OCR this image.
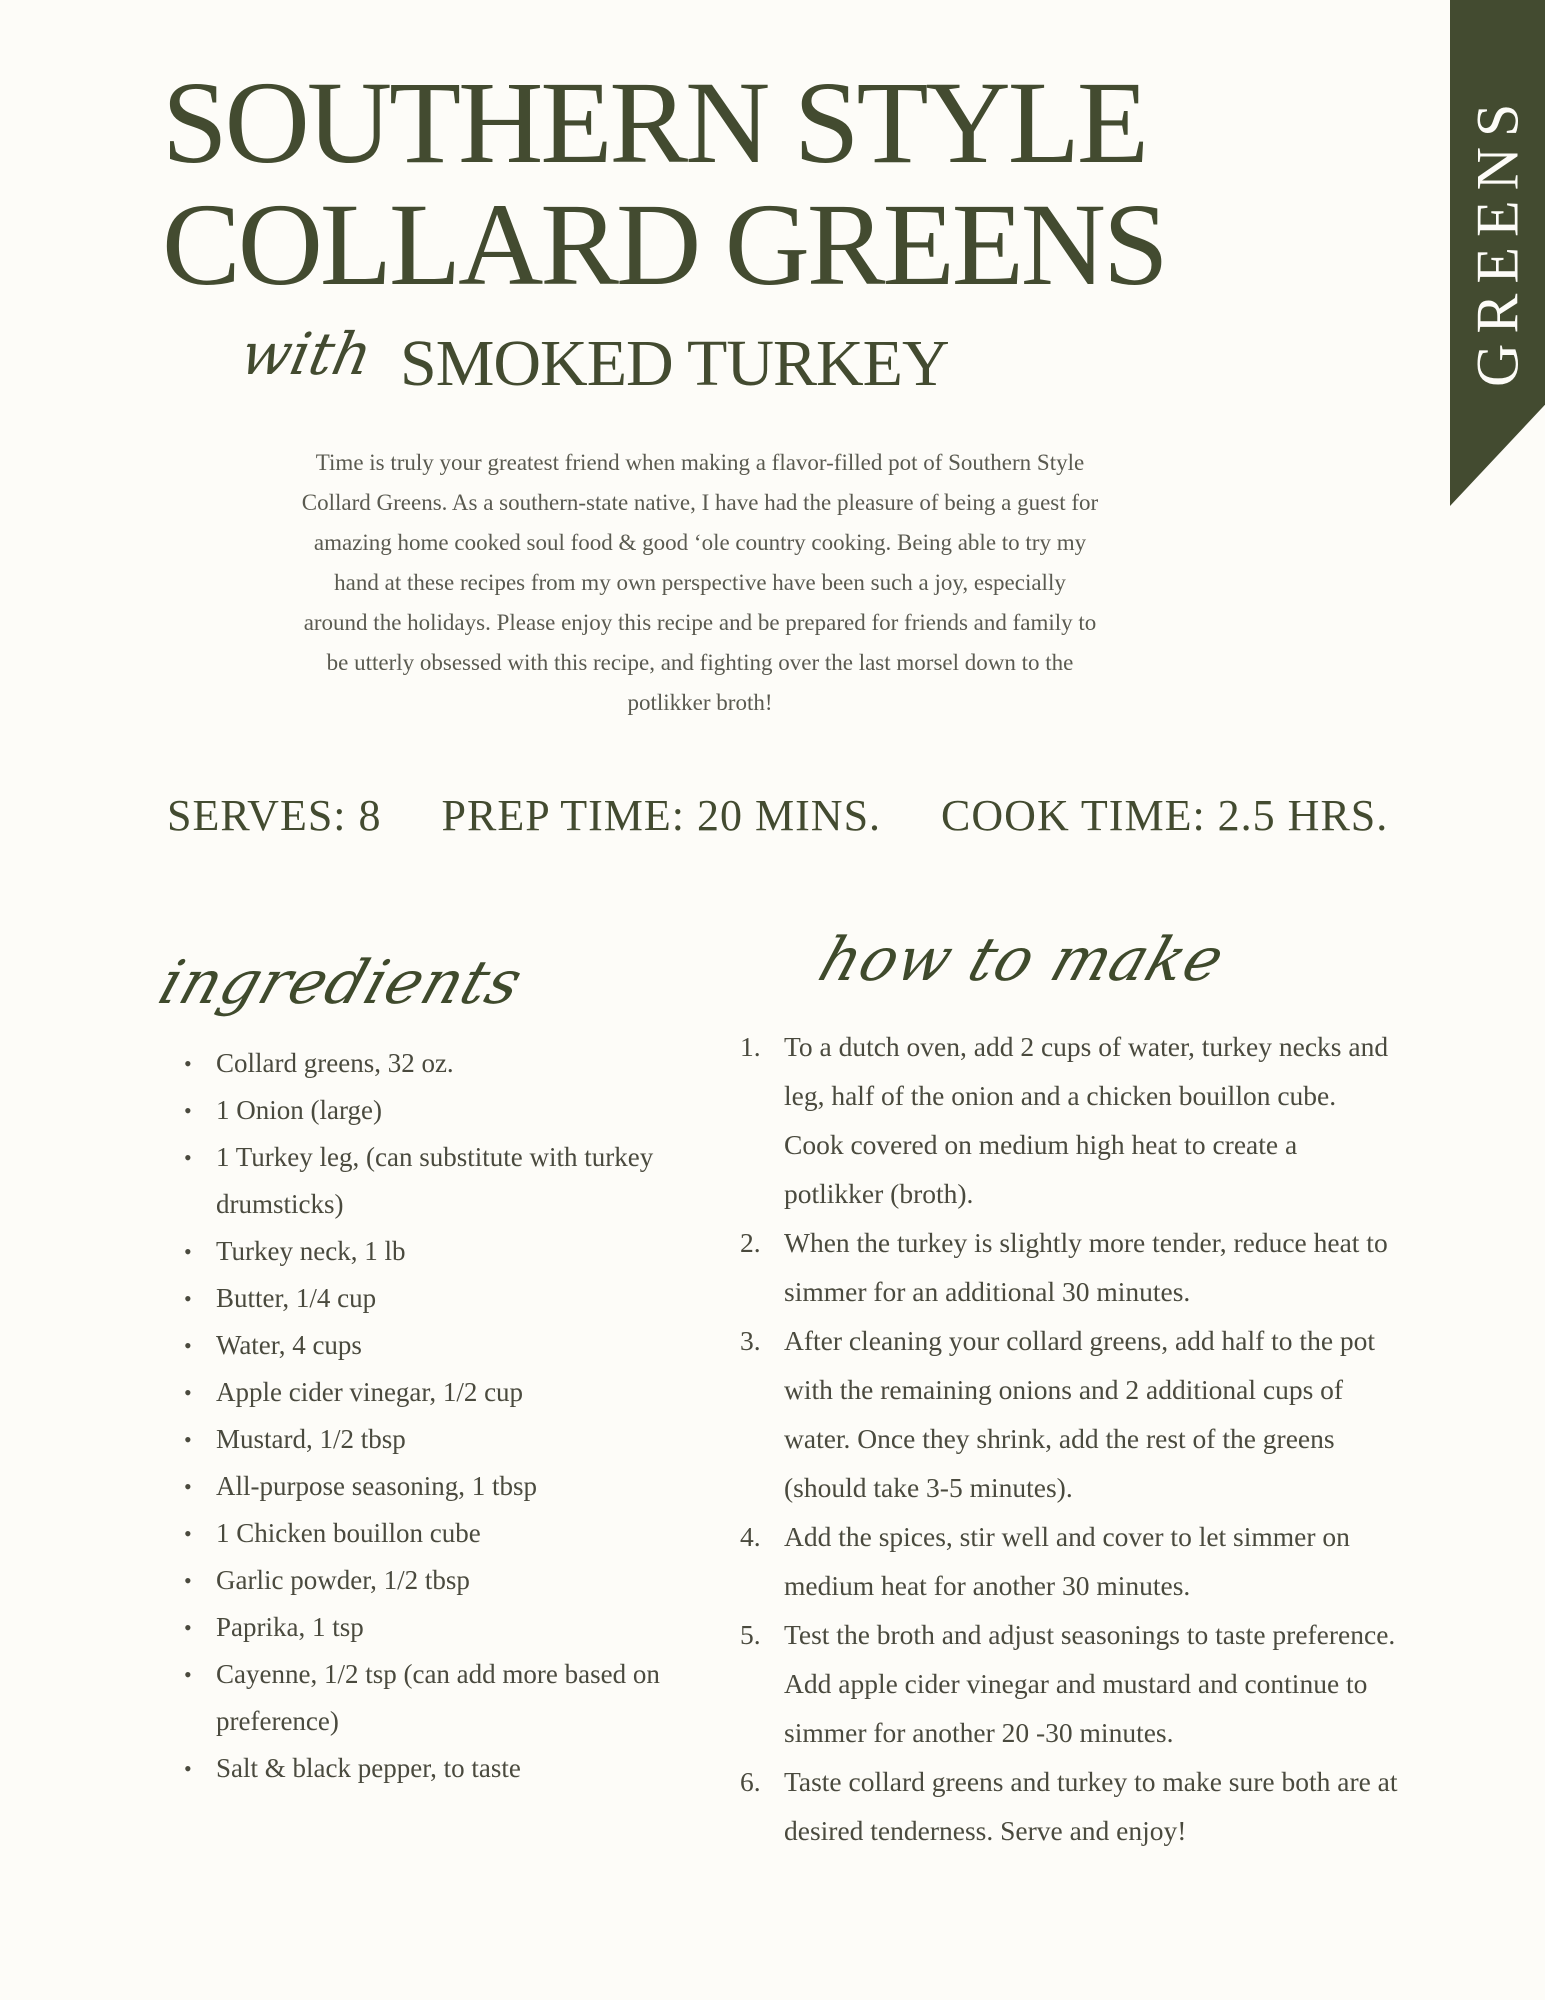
GREENS
SOUTHERN STYLE
COLLARD GREENS
with SMOKED TURKEY

Time is truly your greatest friend when making a flavor-filled pot of Southern Style Collard Greens. As a southern-state native, I have had the pleasure of being a guest for amazing home cooked soul food & good ‘ole country cooking. Being able to try my hand at these recipes from my own perspective have been such a joy, especially around the holidays. Please enjoy this recipe and be prepared for friends and family to be utterly obsessed with this recipe, and fighting over the last morsel down to the potlikker broth!

SERVES: 8 PREP TIME: 20 MINS. COOK TIME: 2.5 HRS.
ingredients	how to make
• Collard greens, 32 oz.
• 1 Onion (large)
• 1 Turkey leg, (can substitute with turkey drumsticks)
• Turkey neck, 1 lb
• Butter, 1/4 cup
• Water, 4 cups
• Apple cider vinegar, 1/2 cup
• Mustard, 1/2 tbsp
• All-purpose seasoning, 1 tbsp
• 1 Chicken bouillon cube
• Garlic powder, 1/2 tbsp
• Paprika, 1 tsp
• Cayenne, 1/2 tsp (can add more based on preference)
• Salt & black pepper, to taste
1. To a dutch oven, add 2 cups of water, turkey necks and leg, half of the onion and a chicken bouillon cube. Cook covered on medium high heat to create a potlikker (broth).
2. When the turkey is slightly more tender, reduce heat to simmer for an additional 30 minutes.
3. After cleaning your collard greens, add half to the pot with the remaining onions and 2 additional cups of water. Once they shrink, add the rest of the greens (should take 3-5 minutes).
4. Add the spices, stir well and cover to let simmer on medium heat for another 30 minutes.
5. Test the broth and adjust seasonings to taste preference. Add apple cider vinegar and mustard and continue to simmer for another 20 -30 minutes.
6. Taste collard greens and turkey to make sure both are at desired tenderness. Serve and enjoy!
